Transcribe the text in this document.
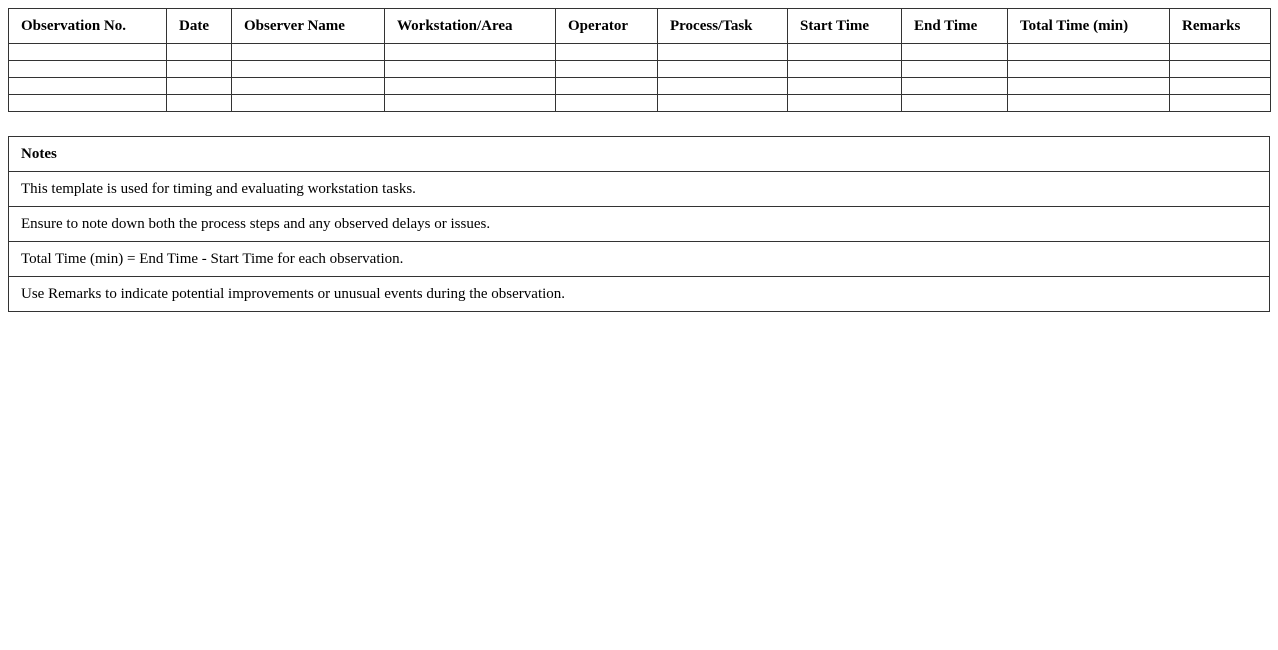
Observation No.	Date	Observer Name	Workstation/Area	Operator	Process/Task	Start Time	End Time	Total Time (min)	Remarks

Notes
This template is used for timing and evaluating workstation tasks.
Ensure to note down both the process steps and any observed delays or issues.
Total Time (min) = End Time - Start Time for each observation.
Use Remarks to indicate potential improvements or unusual events during the observation.
